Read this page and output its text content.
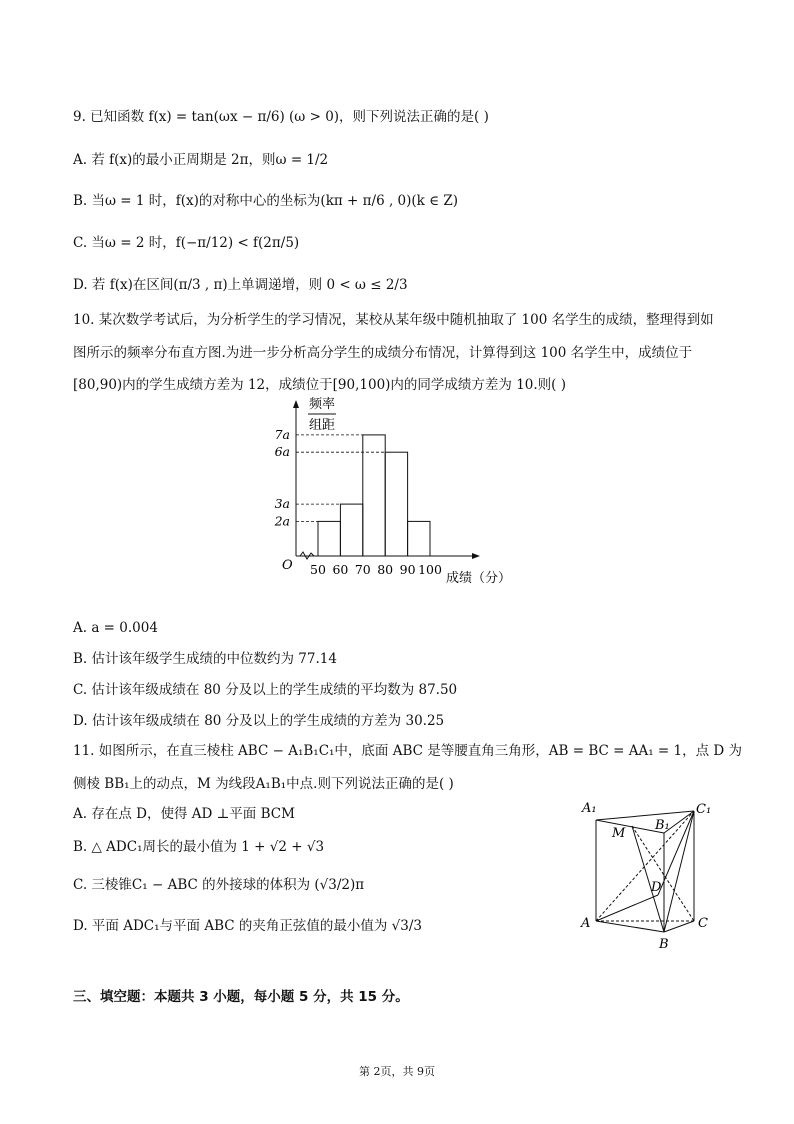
9. 已知函数 f(x) = tan(ωx − π/6) (ω > 0)，则下列说法正确的是( )
A. 若 f(x)的最小正周期是 2π，则ω = 1/2
B. 当ω = 1 时，f(x)的对称中心的坐标为(kπ + π/6 , 0)(k ∈ Z)
C. 当ω = 2 时，f(−π/12) < f(2π/5)
D. 若 f(x)在区间(π/3 , π)上单调递增，则 0 < ω ≤ 2/3
10. 某次数学考试后，为分析学生的学习情况，某校从某年级中随机抽取了 100 名学生的成绩，整理得到如
图所示的频率分布直方图.为进一步分析高分学生的成绩分布情况，计算得到这 100 名学生中，成绩位于
[80,90)内的学生成绩方差为 12，成绩位于[90,100)内的同学成绩方差为 10.则( )
2a
3a
6a
7a
50 60 70 80 90 100
频率
组距
O
成绩（分）
A. a = 0.004
B. 估计该年级学生成绩的中位数约为 77.14
C. 估计该年级成绩在 80 分及以上的学生成绩的平均数为 87.50
D. 估计该年级成绩在 80 分及以上的学生成绩的方差为 30.25
11. 如图所示，在直三棱柱 ABC − A₁B₁C₁中，底面 ABC 是等腰直角三角形，AB = BC = AA₁ = 1，点 D 为
侧棱 BB₁上的动点，M 为线段A₁B₁中点.则下列说法正确的是( )
A. 存在点 D，使得 AD ⊥平面 BCM
B. △ ADC₁周长的最小值为 1 + √2 + √3
C. 三棱锥C₁ − ABC 的外接球的体积为 (√3/2)π
D. 平面 ADC₁与平面 ABC 的夹角正弦值的最小值为 √3/3
A₁	C₁
M
B₁
D
A	C
B
三、填空题：本题共 3 小题，每小题 5 分，共 15 分。
第 2页，共 9页
